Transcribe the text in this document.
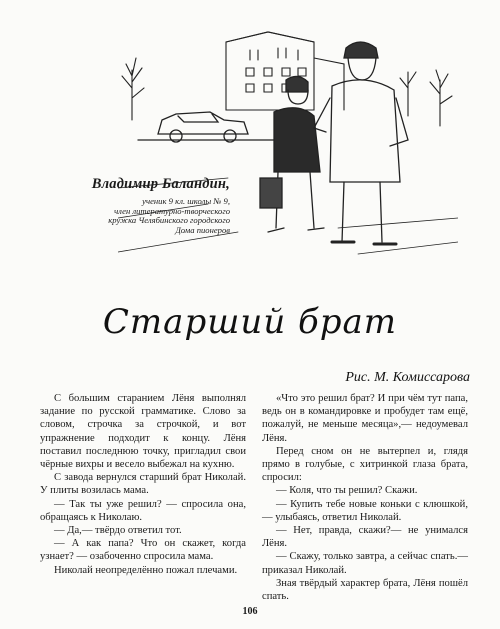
Владимир Баландин,
ученик 9 кл. школы № 9,
член литературно-творческого
кружка Челябинского городского
Дома пионеров
Старший брат
Рис. М. Комиссарова

С большим старанием Лёня выполнял задание по русской грамматике. Слово за словом, строчка за строчкой, и вот упражнение подходит к концу. Лёня поставил последнюю точку, пригладил свои чёрные вихры и весело выбежал на кухню.

С завода вернулся старший брат Николай. У плиты возилась мама.

— Так ты уже решил? — спросила она, обращаясь к Николаю.

— Да,— твёрдо ответил тот.

— А как папа? Что он скажет, когда узнает? — озабоченно спросила мама.

Николай неопределённо пожал плечами.

«Что это решил брат? И при чём тут папа, ведь он в командировке и пробудет там ещё, пожалуй, не меньше месяца»,— недоумевал Лёня.

Перед сном он не вытерпел и, глядя прямо в голубые, с хитринкой глаза брата, спросил:

— Коля, что ты решил? Скажи.

— Купить тебе новые коньки с клюшкой,— улыбаясь, ответил Николай.

— Нет, правда, скажи?— не унимался Лёня.

— Скажу, только завтра, а сейчас спать.— приказал Николай.

Зная твёрдый характер брата, Лёня пошёл спать.

106
